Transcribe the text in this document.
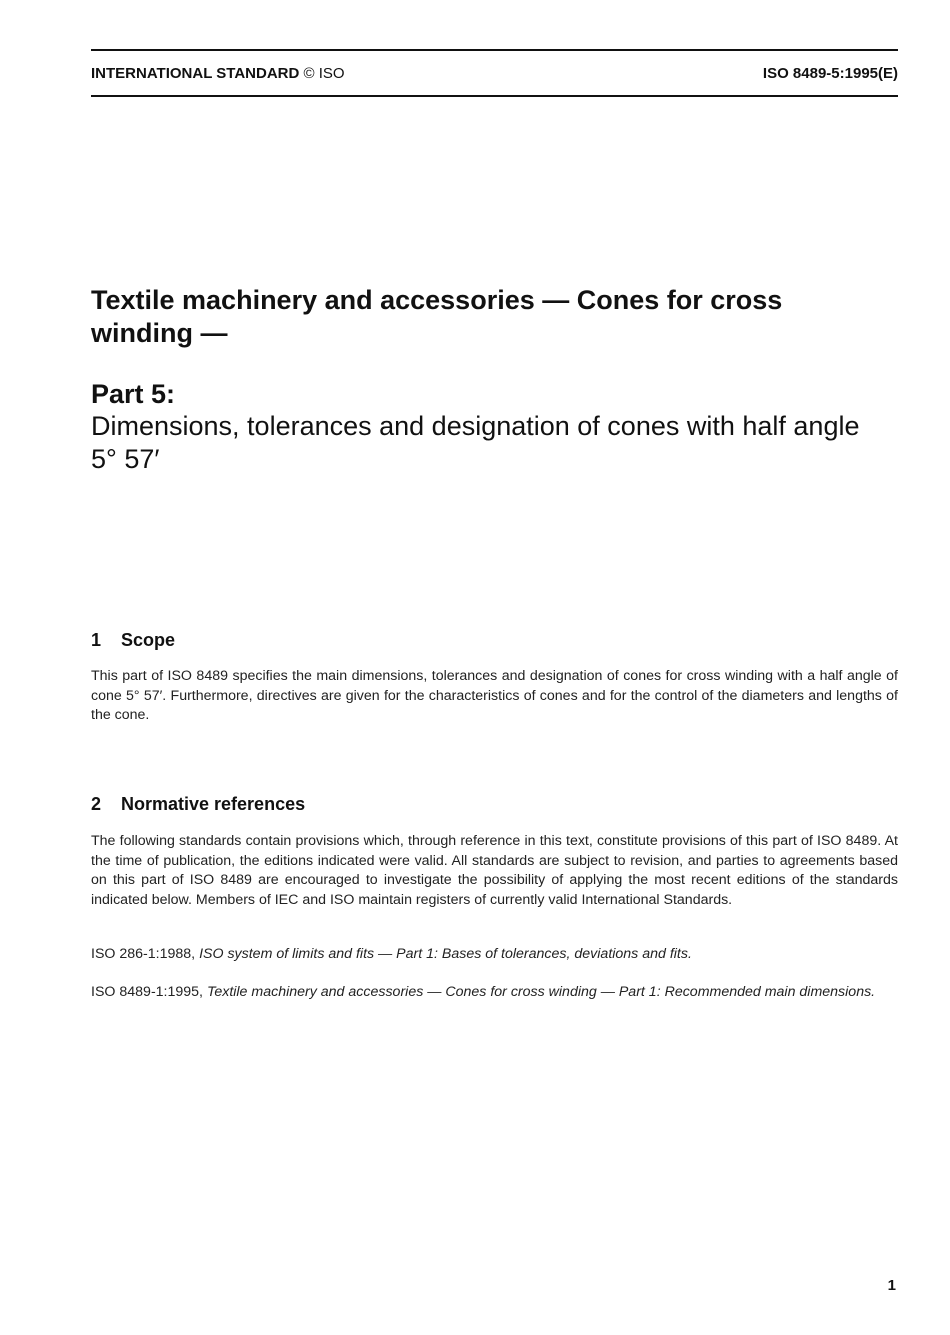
INTERNATIONAL STANDARD © ISO	ISO 8489-5:1995(E)
Textile machinery and accessories — Cones for cross winding —
Part 5:
Dimensions, tolerances and designation of cones with half angle 5° 57′
1 Scope

This part of ISO 8489 specifies the main dimensions, tolerances and designation of cones for cross winding with a half angle of cone 5° 57′. Furthermore, directives are given for the characteristics of cones and for the control of the diameters and lengths of the cone.

2 Normative references

The following standards contain provisions which, through reference in this text, constitute provisions of this part of ISO 8489. At the time of publication, the editions indicated were valid. All standards are subject to revision, and parties to agreements based on this part of ISO 8489 are encouraged to investigate the possibility of applying the most recent editions of the standards indicated below. Members of IEC and ISO maintain registers of currently valid International Standards.

ISO 286-1:1988, ISO system of limits and fits — Part 1: Bases of tolerances, deviations and fits.

ISO 8489-1:1995, Textile machinery and accessories — Cones for cross winding — Part 1: Recommended main dimensions.

1
